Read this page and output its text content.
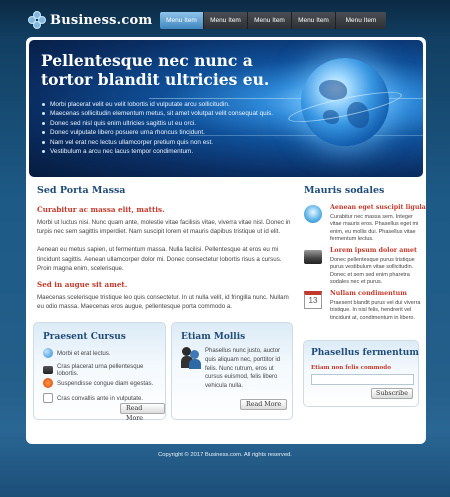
Business.com	Menu Item	Menu Item	Menu Item	Menu Item	Menu Item
Pellentesque nec nunc a tortor blandit ultricies eu.
Morbi placerat velit eu velit lobortis id vulputate arcu sollicitudin.
Maecenas sollicitudin elementum metus, sit amet volutpat velit consequat quis.
Donec sed nisl quis enim ultricies sagittis ut eu orci.
Donec vulputate libero posuere urna rhoncus tincidunt.
Nam vel erat nec lectus ullamcorper pretium quis non est.
Vestibulum a arcu nec lacus tempor condimentum.
Sed Porta Massa
Curabitur ac massa elit, mattis.

Morbi ut luctus nisi. Nunc quam ante, molestie vitae facilisis vitae, viverra vitae nisl. Donec in turpis nec sem sagittis imperdiet. Nam suscipit lorem et mauris dapibus tristique ut id elit.

Aenean eu metus sapien, ut fermentum massa. Nulla facilisi. Pellentesque at eros eu mi tincidunt sagittis. Aenean ullamcorper dolor mi. Donec consectetur lobortis risus a cursus. Proin magna enim, scelerisque.

Sed in augue sit amet.

Maecenas scelerisque tristique leo quis consectetur. In ut nulla velit, id fringilla nunc. Nullam eu odio massa. Maecenas eros augue, pellentesque porta commodo a.

Praesent Cursus
Morbi et erat lectus.
Cras placerat urna pellentesque lobortis.
Suspendisse congue diam egestas.
Cras convallis ante in vulputate.
Read More
Etiam Mollis

Phasellus nunc justo, auctor quis aliquam nec, porttitor id felis. Nunc rutrum, eros ut cursus euismod, felis libero vehicula nulla.

Read More
Mauris sodales
Aenean eget suscipit ligula
Curabitur nec massa sem. Integer vitae mauris eros. Phasellus eget mi enim, eu mollis dui. Phasellus vitae fermentum lectus.
Lorem ipsum dolor amet
Donec pellentesque purus tristique purus vestibulum vitae sollicitudin. Donec et sem sed enim pharetra sodales nec et purus.
13
Nullam condimentum
Praesent blandit purus vel dui viverra tristique. In nisl felis, hendrerit vel tincidunt at, condimentum in libero.
Phasellus fermentum
Etiam non felis commodo
Subscribe
Copyright © 2017 Business.com. All rights reserved.
